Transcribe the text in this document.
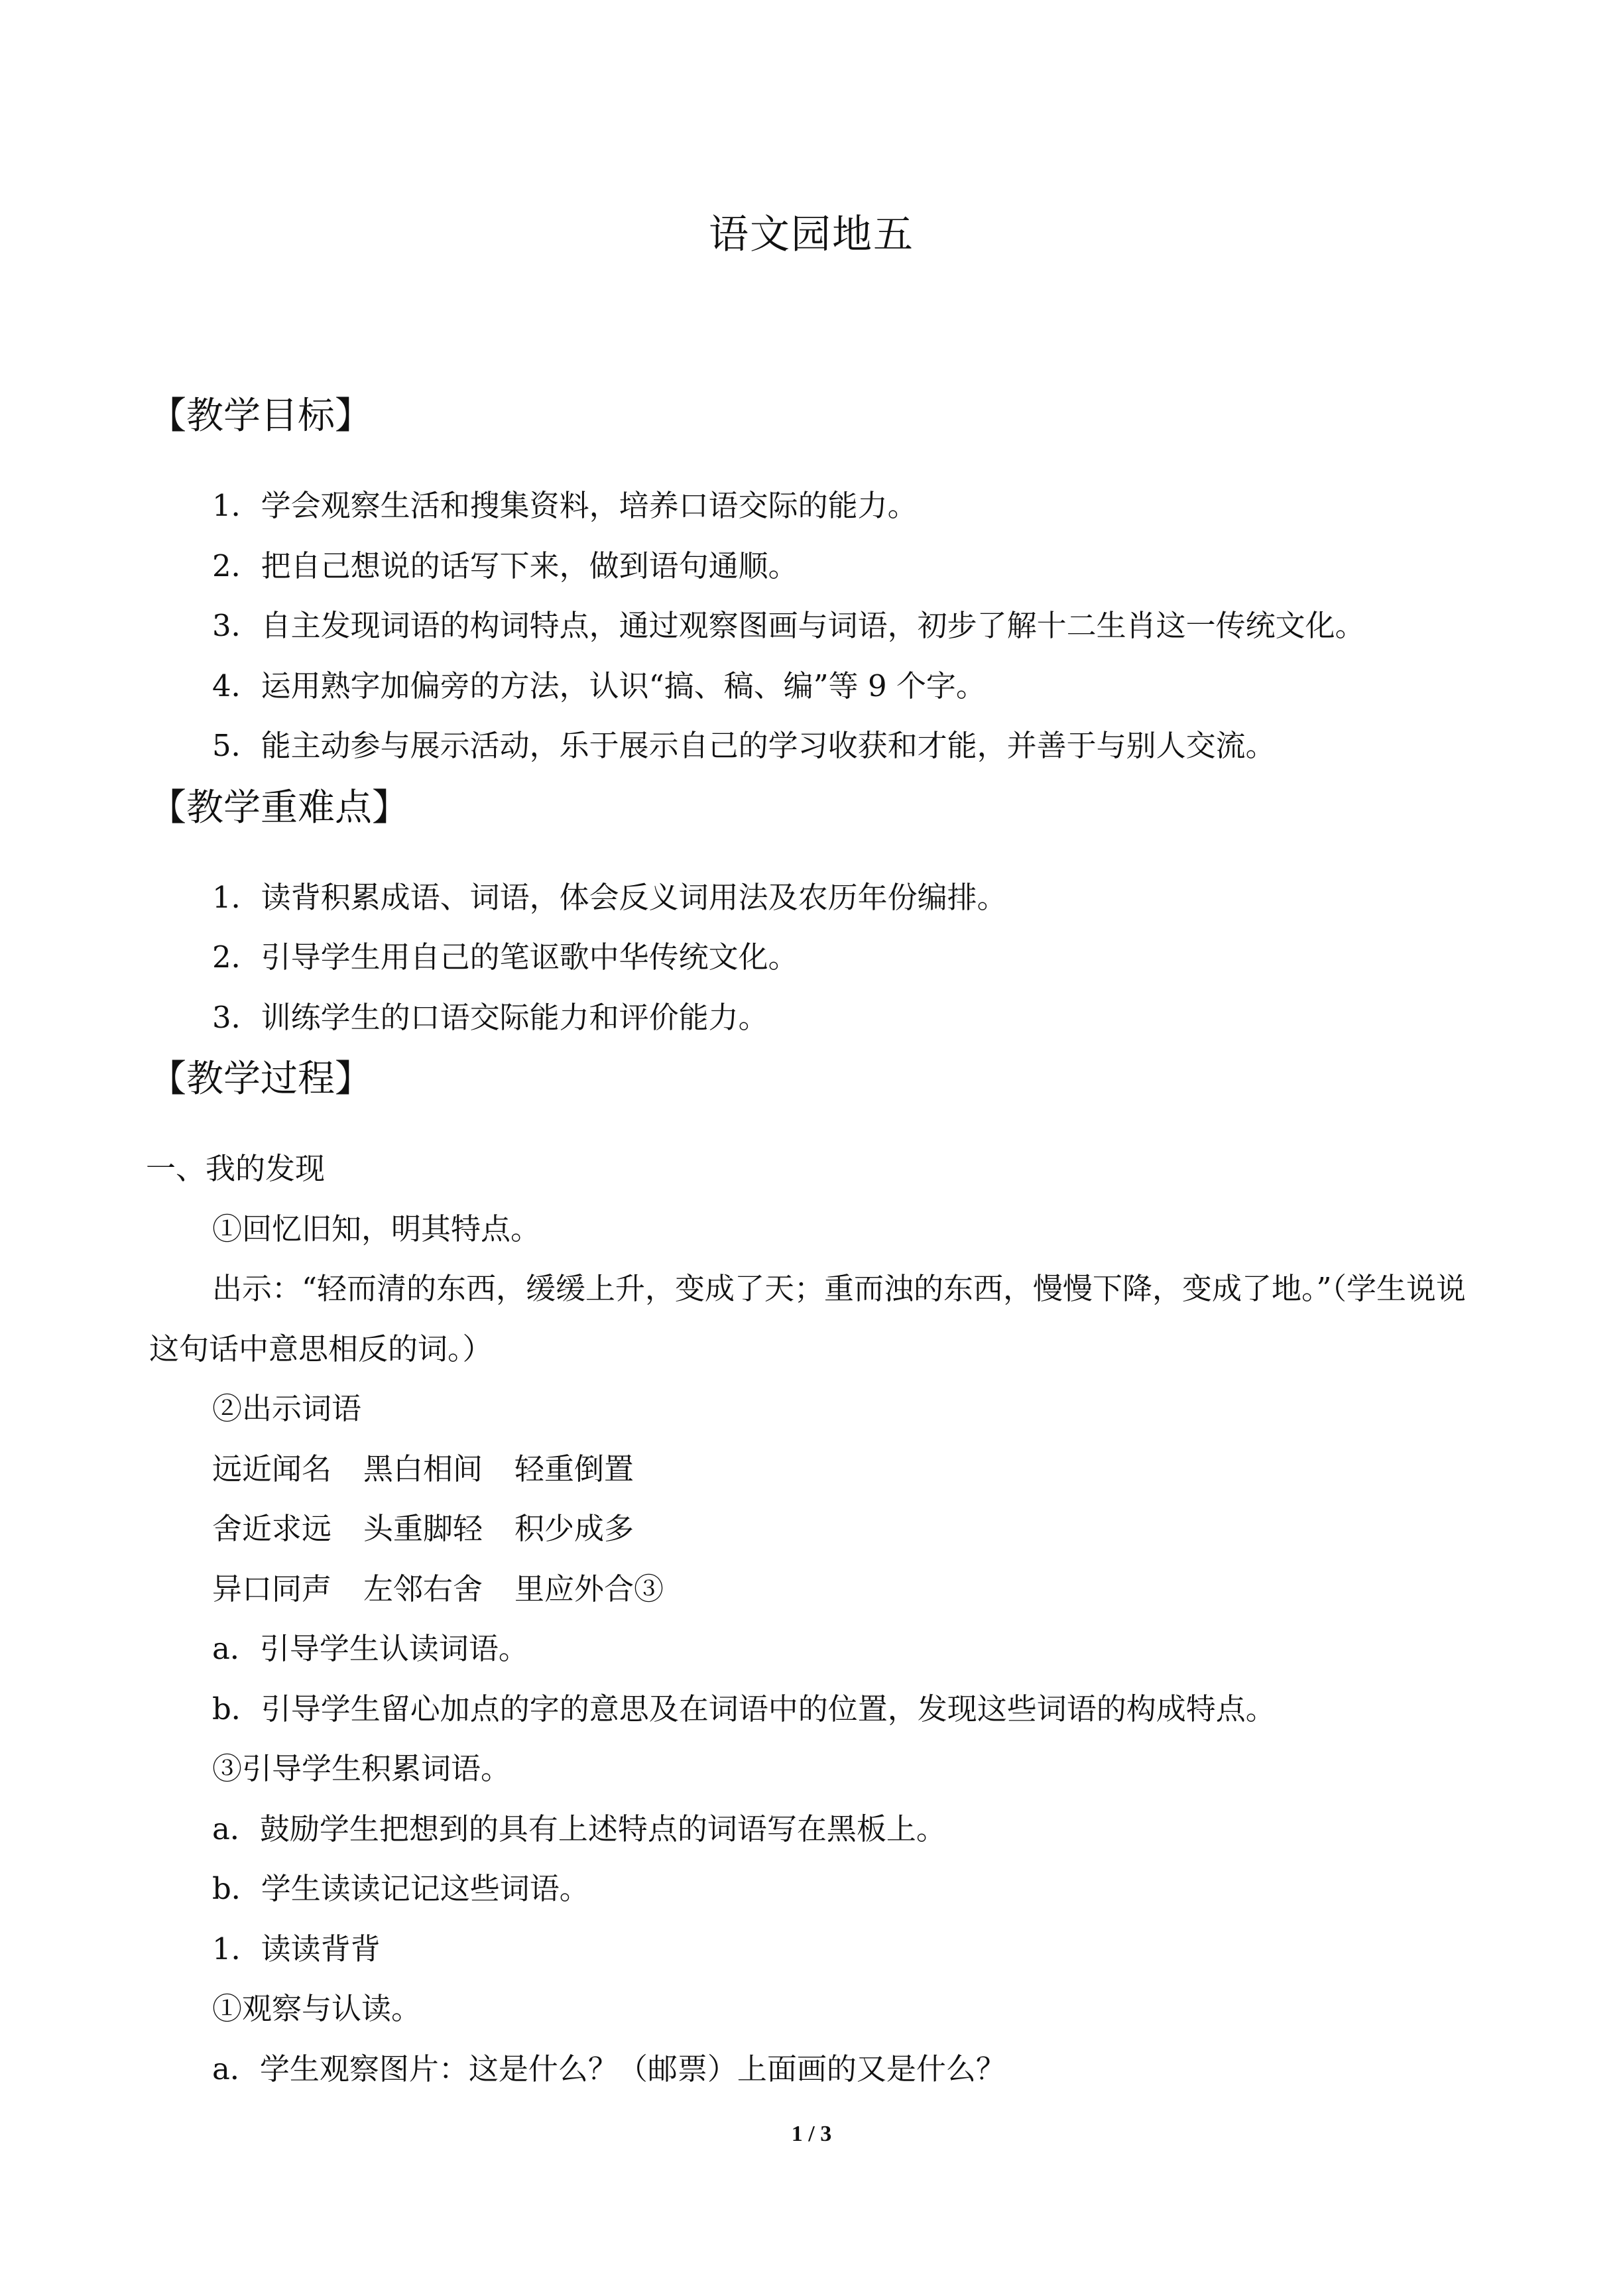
语文园地五
【教学目标】
1．学会观察生活和搜集资料，培养口语交际的能力。
2．把自己想说的话写下来，做到语句通顺。
3．自主发现词语的构词特点，通过观察图画与词语，初步了解十二生肖这一传统文化。
4．运用熟字加偏旁的方法，认识“搞、稿、编”等 9 个字。
5．能主动参与展示活动，乐于展示自己的学习收获和才能，并善于与别人交流。
【教学重难点】
1．读背积累成语、词语，体会反义词用法及农历年份编排。
2．引导学生用自己的笔讴歌中华传统文化。
3．训练学生的口语交际能力和评价能力。
【教学过程】
一、我的发现
①回忆旧知，明其特点。
出示：“轻而清的东西，缓缓上升，变成了天；重而浊的东西，慢慢下降，变成了地。”（学生说说这句话中意思相反的词。）
②出示词语
远近闻名 黑白相间 轻重倒置
舍近求远 头重脚轻 积少成多
异口同声 左邻右舍 里应外合③
a．引导学生认读词语。
b．引导学生留心加点的字的意思及在词语中的位置，发现这些词语的构成特点。
③引导学生积累词语。
a．鼓励学生把想到的具有上述特点的词语写在黑板上。
b．学生读读记记这些词语。
1．读读背背
①观察与认读。
a．学生观察图片：这是什么？（邮票）上面画的又是什么？
1 / 3
